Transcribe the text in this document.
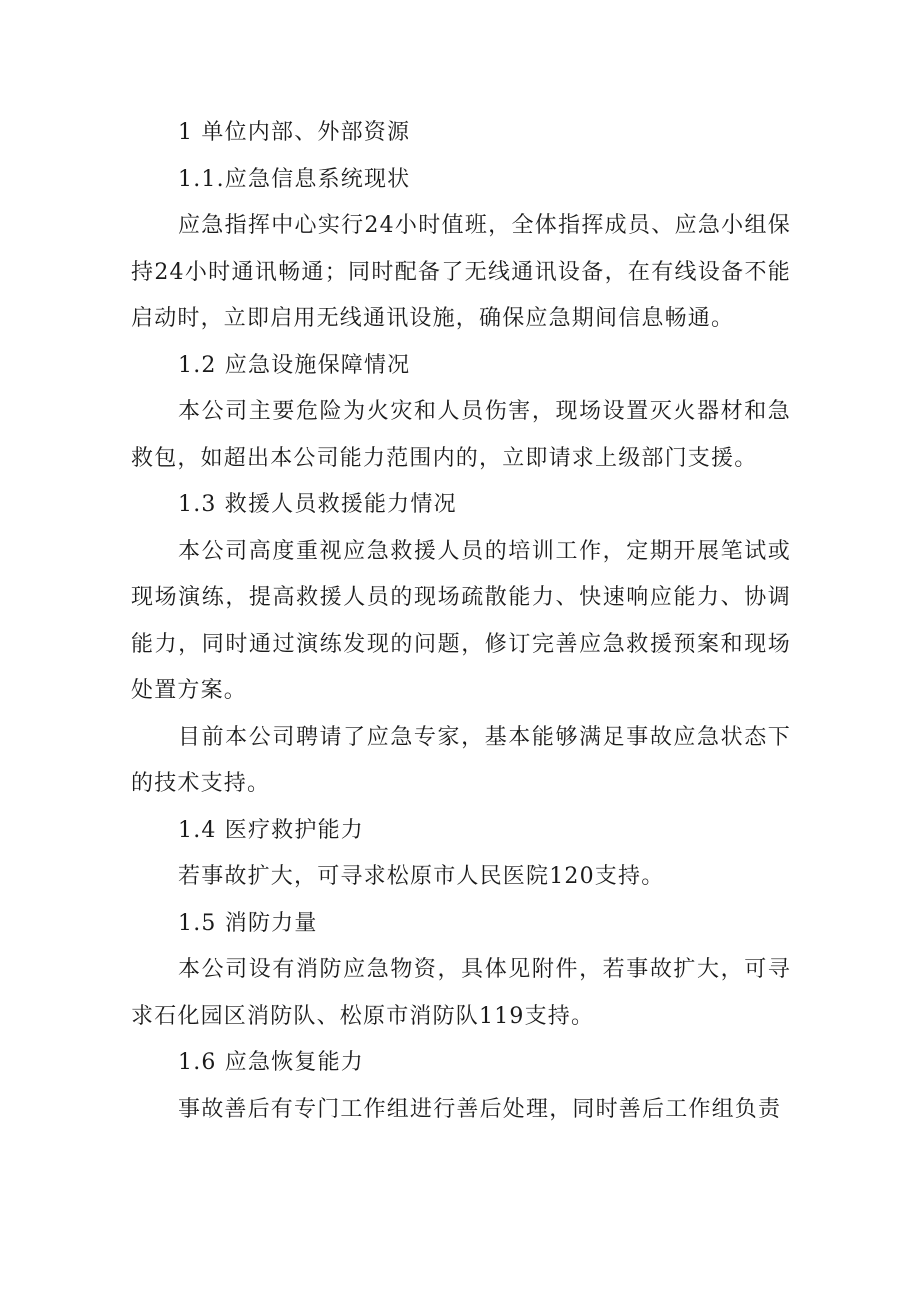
1 单位内部、外部资源

1.1.应急信息系统现状

应急指挥中心实行24小时值班，全体指挥成员、应急小组保持24小时通讯畅通；同时配备了无线通讯设备，在有线设备不能启动时，立即启用无线通讯设施，确保应急期间信息畅通。

1.2 应急设施保障情况

本公司主要危险为火灾和人员伤害，现场设置灭火器材和急救包，如超出本公司能力范围内的，立即请求上级部门支援。

1.3 救援人员救援能力情况

本公司高度重视应急救援人员的培训工作，定期开展笔试或现场演练，提高救援人员的现场疏散能力、快速响应能力、协调能力，同时通过演练发现的问题，修订完善应急救援预案和现场处置方案。

目前本公司聘请了应急专家，基本能够满足事故应急状态下的技术支持。

1.4 医疗救护能力

若事故扩大，可寻求松原市人民医院120支持。

1.5 消防力量

本公司设有消防应急物资，具体见附件，若事故扩大，可寻求石化园区消防队、松原市消防队119支持。

1.6 应急恢复能力

事故善后有专门工作组进行善后处理，同时善后工作组负责
